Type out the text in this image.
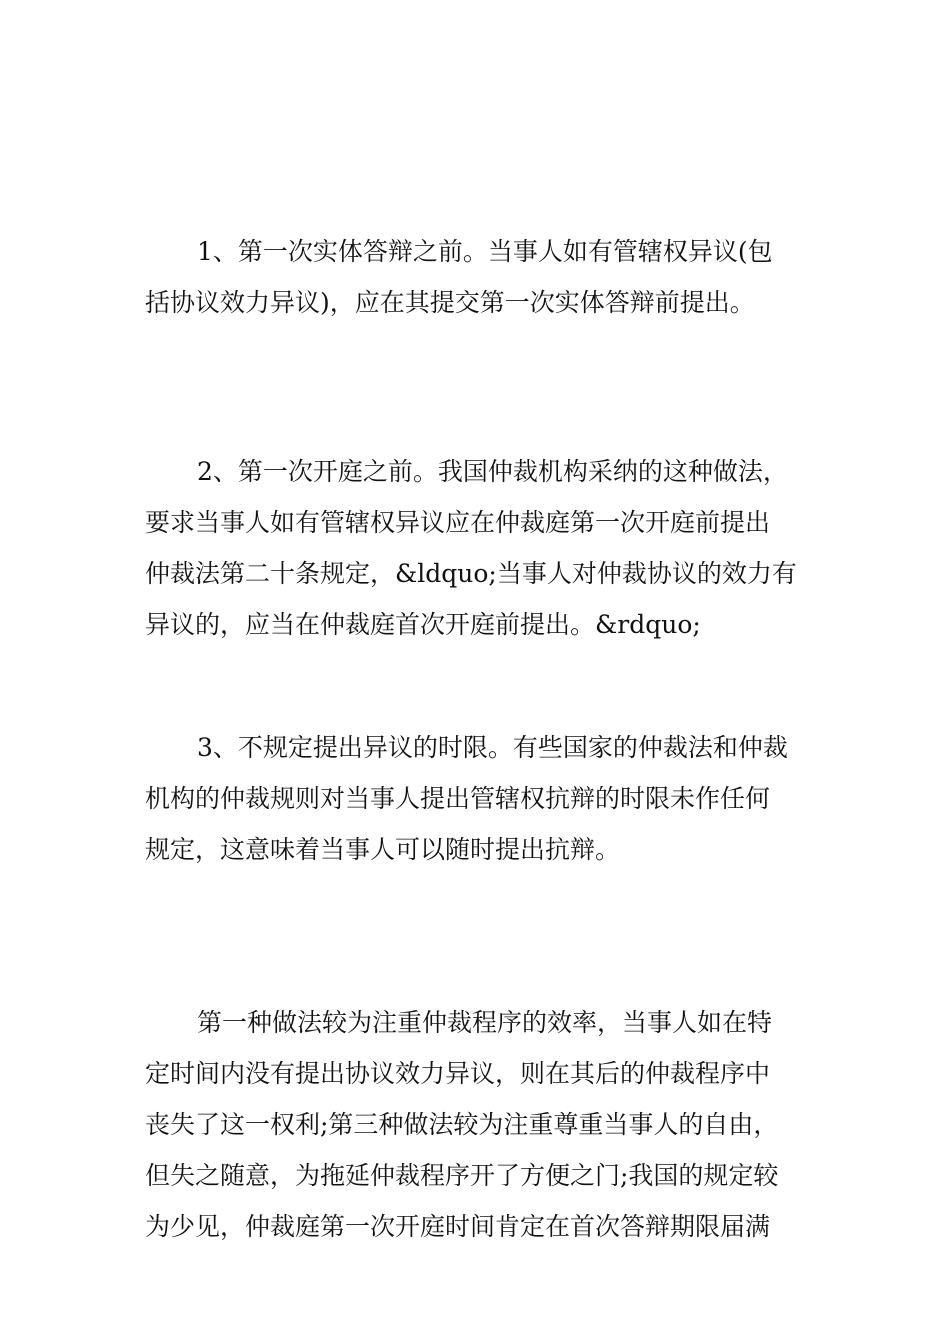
1、第一次实体答辩之前。当事人如有管辖权异议(包
括协议效力异议)，应在其提交第一次实体答辩前提出。

2、第一次开庭之前。我国仲裁机构采纳的这种做法，
要求当事人如有管辖权异议应在仲裁庭第一次开庭前提出
仲裁法第二十条规定，&ldquo;当事人对仲裁协议的效力有
异议的，应当在仲裁庭首次开庭前提出。&rdquo;

3、不规定提出异议的时限。有些国家的仲裁法和仲裁
机构的仲裁规则对当事人提出管辖权抗辩的时限未作任何
规定，这意味着当事人可以随时提出抗辩。

第一种做法较为注重仲裁程序的效率，当事人如在特
定时间内没有提出协议效力异议，则在其后的仲裁程序中
丧失了这一权利;第三种做法较为注重尊重当事人的自由，
但失之随意，为拖延仲裁程序开了方便之门;我国的规定较
为少见，仲裁庭第一次开庭时间肯定在首次答辩期限届满
